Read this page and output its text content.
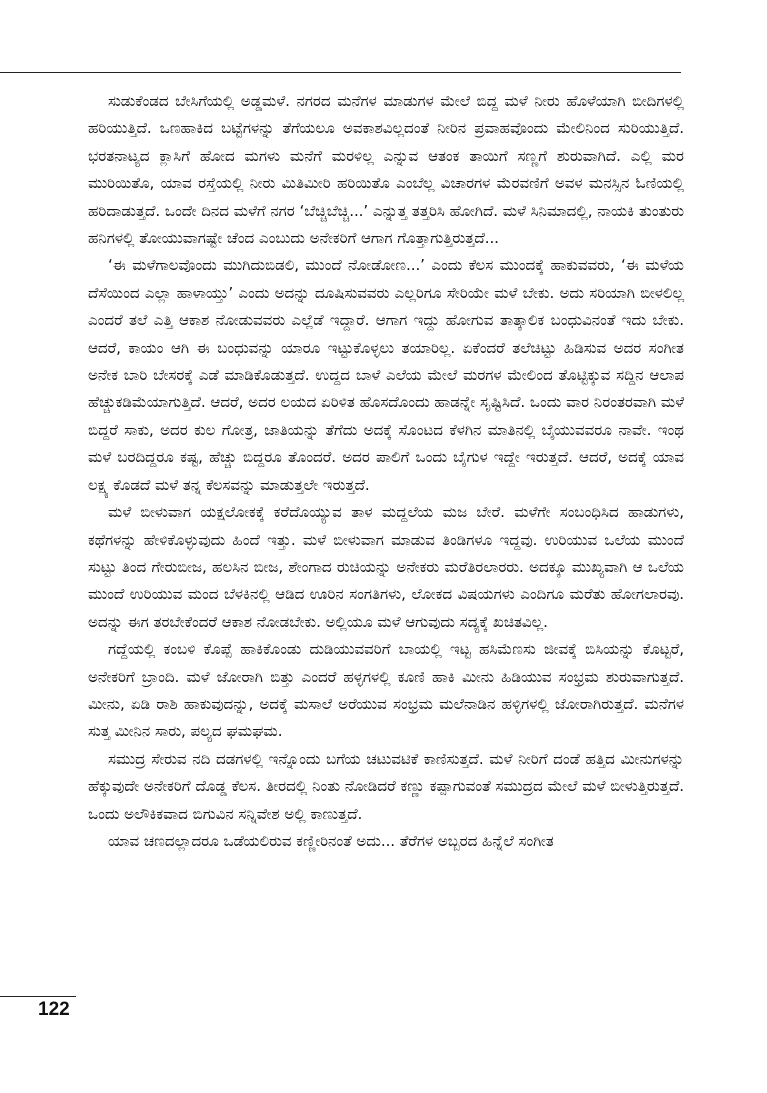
ಸುಡುಕೆಂಡದ ಬೇಸಿಗೆಯಲ್ಲಿ ಅಡ್ಡಮಳೆ. ನಗರದ ಮನೆಗಳ ಮಾಡುಗಳ ಮೇಲೆ ಬಿದ್ದ ಮಳೆ ನೀರು ಹೊಳೆಯಾಗಿ ಬೀದಿಗಳಲ್ಲಿ ಹರಿಯುತ್ತಿದೆ. ಒಣಹಾಕಿದ ಬಟ್ಟೆಗಳನ್ನು ತೆಗೆಯಲೂ ಅವಕಾಶವಿಲ್ಲದಂತೆ ನೀರಿನ ಪ್ರವಾಹವೊಂದು ಮೇಲಿನಿಂದ ಸುರಿಯುತ್ತಿದೆ. ಭರತನಾಟ್ಯದ ಕ್ಲಾಸಿಗೆ ಹೋದ ಮಗಳು ಮನೆಗೆ ಮರಳಿಲ್ಲ ಎನ್ನುವ ಆತಂಕ ತಾಯಿಗೆ ಸಣ್ಣಗೆ ಶುರುವಾಗಿದೆ. ಎಲ್ಲಿ ಮರ ಮುರಿಯಿತೊ, ಯಾವ ರಸ್ತೆಯಲ್ಲಿ ನೀರು ಮಿತಿಮೀರಿ ಹರಿಯಿತೊ ಎಂಬೆಲ್ಲ ವಿಚಾರಗಳ ಮೆರವಣಿಗೆ ಅವಳ ಮನಸ್ಸಿನ ಓಣಿಯಲ್ಲಿ ಹರಿದಾಡುತ್ತದೆ. ಒಂದೇ ದಿನದ ಮಳೆಗೆ ನಗರ ‘ಬೆಚ್ಚಿಬೆಚ್ಚಿ...’ ಎನ್ನುತ್ತ ತತ್ತರಿಸಿ ಹೋಗಿದೆ. ಮಳೆ ಸಿನಿಮಾದಲ್ಲಿ, ನಾಯಕಿ ತುಂತುರು ಹನಿಗಳಲ್ಲಿ ತೋಯುವಾಗಷ್ಟೇ ಚೆಂದ ಎಂಬುದು ಅನೇಕರಿಗೆ ಆಗಾಗ ಗೊತ್ತಾಗುತ್ತಿರುತ್ತದೆ...

‘ಈ ಮಳೆಗಾಲವೊಂದು ಮುಗಿದುಬಿಡಲಿ, ಮುಂದೆ ನೋಡೋಣ...’ ಎಂದು ಕೆಲಸ ಮುಂದಕ್ಕೆ ಹಾಕುವವರು, ‘ಈ ಮಳೆಯ ದೆಸೆಯಿಂದ ಎಲ್ಲಾ ಹಾಳಾಯ್ತು’ ಎಂದು ಅದನ್ನು ದೂಷಿಸುವವರು ಎಲ್ಲರಿಗೂ ಸೇರಿಯೇ ಮಳೆ ಬೇಕು. ಅದು ಸರಿಯಾಗಿ ಬೀಳಲಿಲ್ಲ ಎಂದರೆ ತಲೆ ಎತ್ತಿ ಆಕಾಶ ನೋಡುವವರು ಎಲ್ಲೆಡೆ ಇದ್ದಾರೆ. ಆಗಾಗ ಇದ್ದು ಹೋಗುವ ತಾತ್ಕಾಲಿಕ ಬಂಧುವಿನಂತೆ ಇದು ಬೇಕು. ಆದರೆ, ಕಾಯಂ ಆಗಿ ಈ ಬಂಧುವನ್ನು ಯಾರೂ ಇಟ್ಟುಕೊಳ್ಳಲು ತಯಾರಿಲ್ಲ. ಏಕೆಂದರೆ ತಲೆಚಿಟ್ಟು ಹಿಡಿಸುವ ಅದರ ಸಂಗೀತ ಅನೇಕ ಬಾರಿ ಬೇಸರಕ್ಕೆ ಎಡೆ ಮಾಡಿಕೊಡುತ್ತದೆ. ಉದ್ದದ ಬಾಳೆ ಎಲೆಯ ಮೇಲೆ ಮರಗಳ ಮೇಲಿಂದ ತೊಟ್ಟಿಕ್ಕುವ ಸದ್ದಿನ ಆಲಾಪ ಹೆಚ್ಚುಕಡಿಮೆಯಾಗುತ್ತಿದೆ. ಆದರೆ, ಅದರ ಲಯದ ಏರಿಳಿತ ಹೊಸದೊಂದು ಹಾಡನ್ನೇ ಸೃಷ್ಟಿಸಿದೆ. ಒಂದು ವಾರ ನಿರಂತರವಾಗಿ ಮಳೆ ಬಿದ್ದರೆ ಸಾಕು, ಅದರ ಕುಲ ಗೋತ್ರ, ಜಾತಿಯನ್ನು ತೆಗೆದು ಅದಕ್ಕೆ ಸೊಂಟದ ಕೆಳಗಿನ ಮಾತಿನಲ್ಲಿ ಬೈಯುವವರೂ ನಾವೇ. ಇಂಥ ಮಳೆ ಬರದಿದ್ದರೂ ಕಷ್ಟ, ಹೆಚ್ಚು ಬಿದ್ದರೂ ತೊಂದರೆ. ಅದರ ಪಾಲಿಗೆ ಒಂದು ಬೈಗುಳ ಇದ್ದೇ ಇರುತ್ತದೆ. ಆದರೆ, ಅದಕ್ಕೆ ಯಾವ ಲಕ್ಷ್ಯ ಕೊಡದೆ ಮಳೆ ತನ್ನ ಕೆಲಸವನ್ನು ಮಾಡುತ್ತಲೇ ಇರುತ್ತದೆ.

ಮಳೆ ಬೀಳುವಾಗ ಯಕ್ಷಲೋಕಕ್ಕೆ ಕರೆದೊಯ್ಯುವ ತಾಳ ಮದ್ದಲೆಯ ಮಜ ಬೇರೆ. ಮಳೆಗೇ ಸಂಬಂಧಿಸಿದ ಹಾಡುಗಳು, ಕಥೆಗಳನ್ನು ಹೇಳಿಕೊಳ್ಳುವುದು ಹಿಂದೆ ಇತ್ತು. ಮಳೆ ಬೀಳುವಾಗ ಮಾಡುವ ತಿಂಡಿಗಳೂ ಇದ್ದವು. ಉರಿಯುವ ಒಲೆಯ ಮುಂದೆ ಸುಟ್ಟು ತಿಂದ ಗೇರುಬೀಜ, ಹಲಸಿನ ಬೀಜ, ಶೇಂಗಾದ ರುಚಿಯನ್ನು ಅನೇಕರು ಮರೆತಿರಲಾರರು. ಅದಕ್ಕೂ ಮುಖ್ಯವಾಗಿ ಆ ಒಲೆಯ ಮುಂದೆ ಉರಿಯುವ ಮಂದ ಬೆಳಕಿನಲ್ಲಿ ಆಡಿದ ಊರಿನ ಸಂಗತಿಗಳು, ಲೋಕದ ವಿಷಯಗಳು ಎಂದಿಗೂ ಮರೆತು ಹೋಗಲಾರವು. ಅದನ್ನು ಈಗ ತರಬೇಕೆಂದರೆ ಆಕಾಶ ನೋಡಬೇಕು. ಅಲ್ಲಿಯೂ ಮಳೆ ಆಗುವುದು ಸದ್ಯಕ್ಕೆ ಖಚಿತವಿಲ್ಲ.

ಗದ್ದೆಯಲ್ಲಿ ಕಂಬಳಿ ಕೊಪ್ಪೆ ಹಾಕಿಕೊಂಡು ದುಡಿಯುವವರಿಗೆ ಬಾಯಲ್ಲಿ ಇಟ್ಟ ಹಸಿಮೆಣಸು ಜೀವಕ್ಕೆ ಬಿಸಿಯನ್ನು ಕೊಟ್ಟರೆ, ಅನೇಕರಿಗೆ ಬ್ರಾಂದಿ. ಮಳೆ ಜೋರಾಗಿ ಬಿತ್ತು ಎಂದರೆ ಹಳ್ಳಗಳಲ್ಲಿ ಕೂಣಿ ಹಾಕಿ ಮೀನು ಹಿಡಿಯುವ ಸಂಭ್ರಮ ಶುರುವಾಗುತ್ತದೆ. ಮೀನು, ಏಡಿ ರಾಶಿ ಹಾಕುವುದನ್ನು, ಅದಕ್ಕೆ ಮಸಾಲೆ ಅರೆಯುವ ಸಂಭ್ರಮ ಮಲೆನಾಡಿನ ಹಳ್ಳಿಗಳಲ್ಲಿ ಜೋರಾಗಿರುತ್ತದೆ. ಮನೆಗಳ ಸುತ್ತ ಮೀನಿನ ಸಾರು, ಪಲ್ಯದ ಘಮಘಮ.

ಸಮುದ್ರ ಸೇರುವ ನದಿ ದಡಗಳಲ್ಲಿ ಇನ್ನೊಂದು ಬಗೆಯ ಚಟುವಟಿಕೆ ಕಾಣಿಸುತ್ತದೆ. ಮಳೆ ನೀರಿಗೆ ದಂಡೆ ಹತ್ತಿದ ಮೀನುಗಳನ್ನು ಹೆಕ್ಕುವುದೇ ಅನೇಕರಿಗೆ ದೊಡ್ಡ ಕೆಲಸ. ತೀರದಲ್ಲಿ ನಿಂತು ನೋಡಿದರೆ ಕಣ್ಣು ಕಪ್ಪಾಗುವಂತೆ ಸಮುದ್ರದ ಮೇಲೆ ಮಳೆ ಬೀಳುತ್ತಿರುತ್ತದೆ. ಒಂದು ಅಲೌಕಿಕವಾದ ಬಿಗುವಿನ ಸನ್ನಿವೇಶ ಅಲ್ಲಿ ಕಾಣುತ್ತದೆ.

ಯಾವ ಚಣದಲ್ಲಾದರೂ ಒಡೆಯಲಿರುವ ಕಣ್ಣೀರಿನಂತೆ ಅದು... ತೆರೆಗಳ ಅಬ್ಬರದ ಹಿನ್ನೆಲೆ ಸಂಗೀತ

122
